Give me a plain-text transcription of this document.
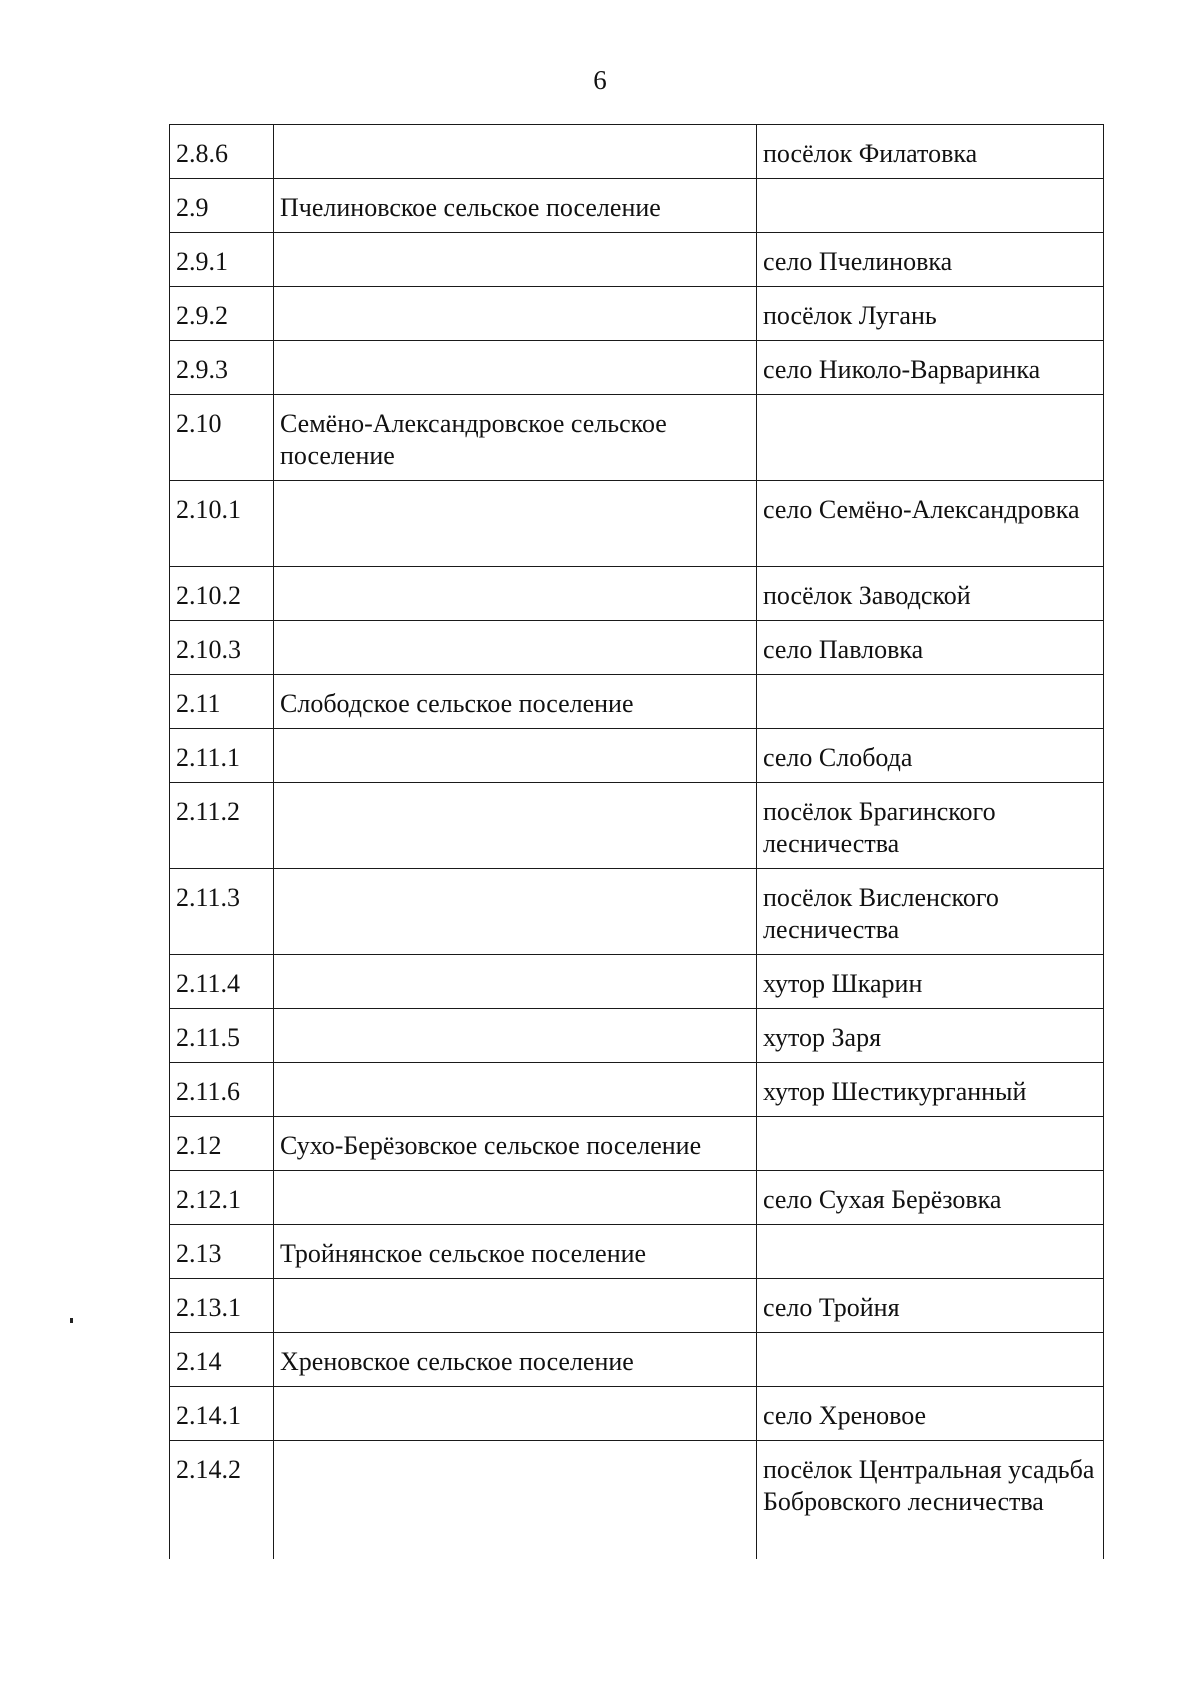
6
2.8.6		посёлок Филатовка
2.9	Пчелиновское сельское поселение	
2.9.1		село Пчелиновка
2.9.2		посёлок Лугань
2.9.3		село Николо-Варваринка
2.10	Семёно-Александровское сельское поселение	
2.10.1		село Семёно-Александровка
2.10.2		посёлок Заводской
2.10.3		село Павловка
2.11	Слободское сельское поселение	
2.11.1		село Слобода
2.11.2		посёлок Брагинского лесничества
2.11.3		посёлок Висленского лесничества
2.11.4		хутор Шкарин
2.11.5		хутор Заря
2.11.6		хутор Шестикурганный
2.12	Сухо-Берёзовское сельское поселение	
2.12.1		село Сухая Берёзовка
2.13	Тройнянское сельское поселение	
2.13.1		село Тройня
2.14	Хреновское сельское поселение	
2.14.1		село Хреновое
2.14.2		посёлок Центральная усадьба Бобровского лесничества
